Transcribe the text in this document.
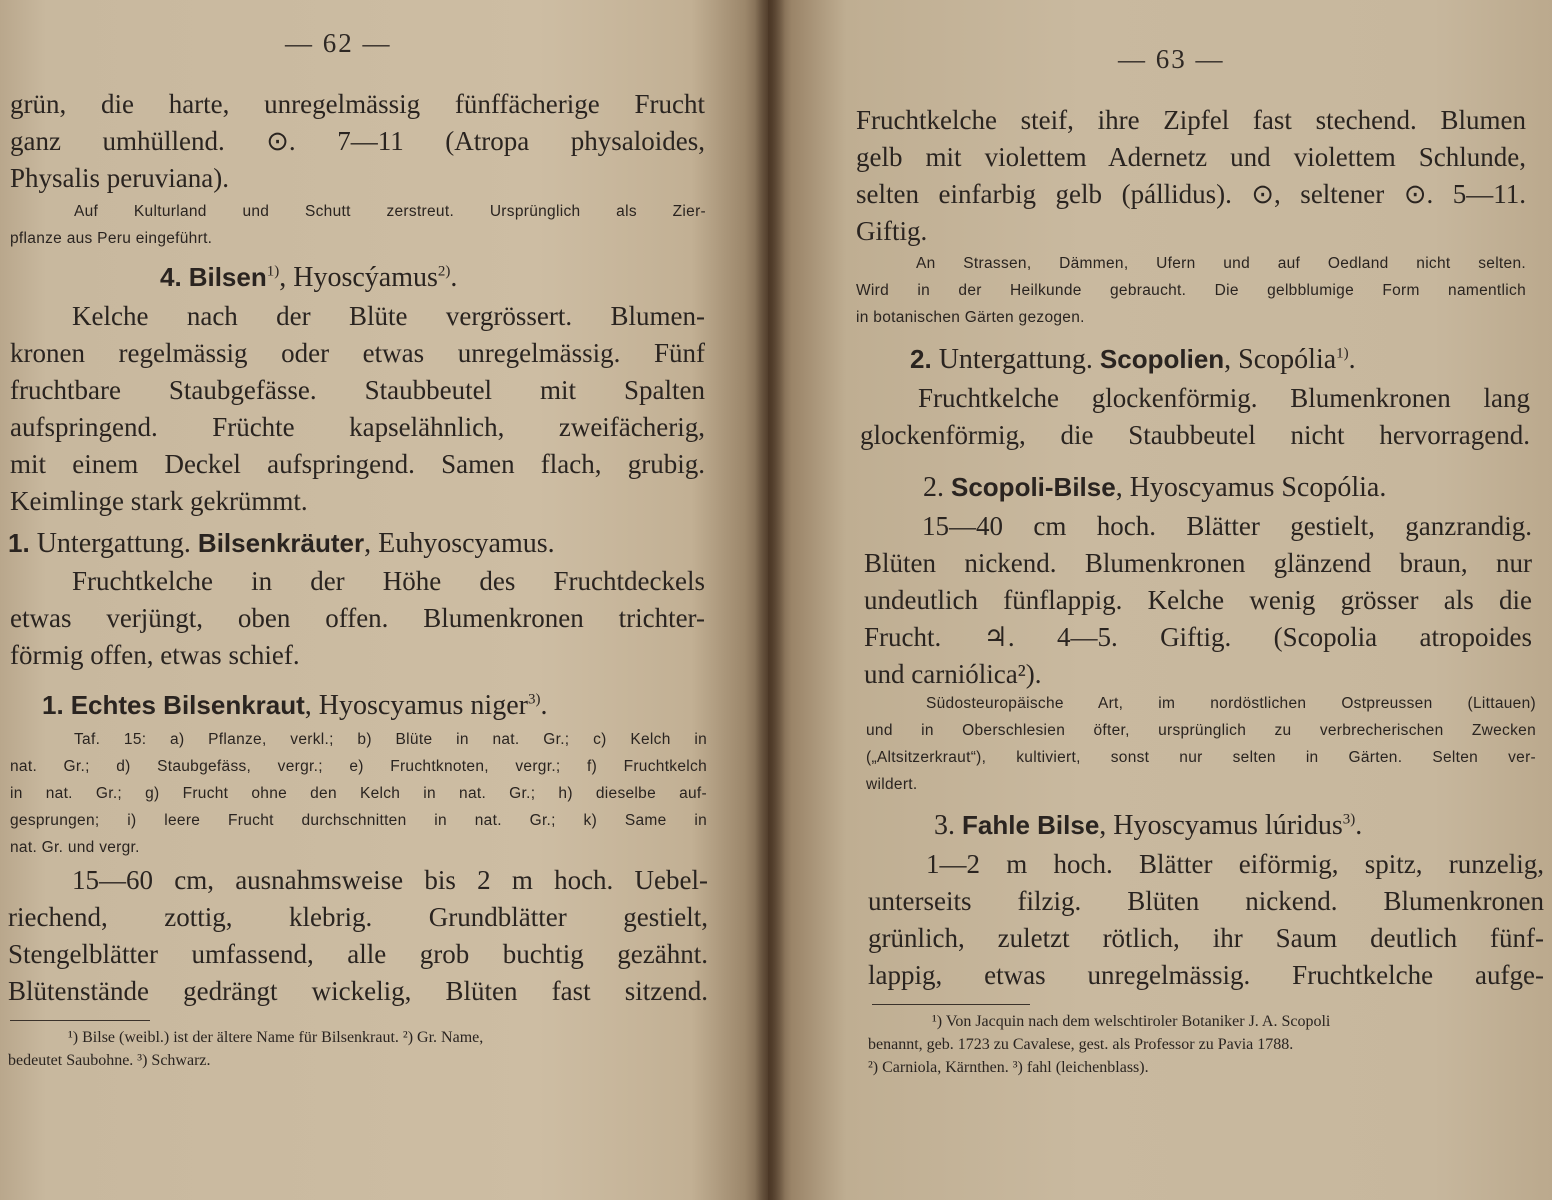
— 62 —
grün, die harte, unregelmässig fünffächerige Frucht
ganz umhüllend. ⊙. 7—11 (Atropa physaloides,
Physalis peruviana).
Auf Kulturland und Schutt zerstreut. Ursprünglich als Zier-
pflanze aus Peru eingeführt.
4. Bilsen$^{1)}$, Hyoscýamus$^{2)}$.
Kelche nach der Blüte vergrössert. Blumen-
kronen regelmässig oder etwas unregelmässig. Fünf
fruchtbare Staubgefässe. Staubbeutel mit Spalten
aufspringend. Früchte kapselähnlich, zweifächerig,
mit einem Deckel aufspringend. Samen flach, grubig.
Keimlinge stark gekrümmt.
1. Untergattung. Bilsenkräuter, Euhyoscyamus.
Fruchtkelche in der Höhe des Fruchtdeckels
etwas verjüngt, oben offen. Blumenkronen trichter-
förmig offen, etwas schief.
1. Echtes Bilsenkraut, Hyoscyamus niger$^{3)}$.
Taf. 15: a) Pflanze, verkl.; b) Blüte in nat. Gr.; c) Kelch in
nat. Gr.; d) Staubgefäss, vergr.; e) Fruchtknoten, vergr.; f) Fruchtkelch
in nat. Gr.; g) Frucht ohne den Kelch in nat. Gr.; h) dieselbe auf-
gesprungen; i) leere Frucht durchschnitten in nat. Gr.; k) Same in
nat. Gr. und vergr.
15—60 cm, ausnahmsweise bis 2 m hoch. Uebel-
riechend, zottig, klebrig. Grundblätter gestielt,
Stengelblätter umfassend, alle grob buchtig gezähnt.
Blütenstände gedrängt wickelig, Blüten fast sitzend.
¹) Bilse (weibl.) ist der ältere Name für Bilsenkraut. ²) Gr. Name,
bedeutet Saubohne. ³) Schwarz.
— 63 —
Fruchtkelche steif, ihre Zipfel fast stechend. Blumen
gelb mit violettem Adernetz und violettem Schlunde,
selten einfarbig gelb (pállidus). ⊙, seltener ⊙. 5—11.
Giftig.
An Strassen, Dämmen, Ufern und auf Oedland nicht selten.
Wird in der Heilkunde gebraucht. Die gelbblumige Form namentlich
in botanischen Gärten gezogen.
2. Untergattung. Scopolien, Scopólia$^{1)}$.
Fruchtkelche glockenförmig. Blumenkronen lang
glockenförmig, die Staubbeutel nicht hervorragend.
2. Scopoli-Bilse, Hyoscyamus Scopólia.
15—40 cm hoch. Blätter gestielt, ganzrandig.
Blüten nickend. Blumenkronen glänzend braun, nur
undeutlich fünflappig. Kelche wenig grösser als die
Frucht. ♃. 4—5. Giftig. (Scopolia atropoides
und carniólica²).
Südosteuropäische Art, im nordöstlichen Ostpreussen (Littauen)
und in Oberschlesien öfter, ursprünglich zu verbrecherischen Zwecken
(„Altsitzerkraut“), kultiviert, sonst nur selten in Gärten. Selten ver-
wildert.
3. Fahle Bilse, Hyoscyamus lúridus$^{3)}$.
1—2 m hoch. Blätter eiförmig, spitz, runzelig,
unterseits filzig. Blüten nickend. Blumenkronen
grünlich, zuletzt rötlich, ihr Saum deutlich fünf-
lappig, etwas unregelmässig. Fruchtkelche aufge-
¹) Von Jacquin nach dem welschtiroler Botaniker J. A. Scopoli
benannt, geb. 1723 zu Cavalese, gest. als Professor zu Pavia 1788.
²) Carniola, Kärnthen. ³) fahl (leichenblass).
